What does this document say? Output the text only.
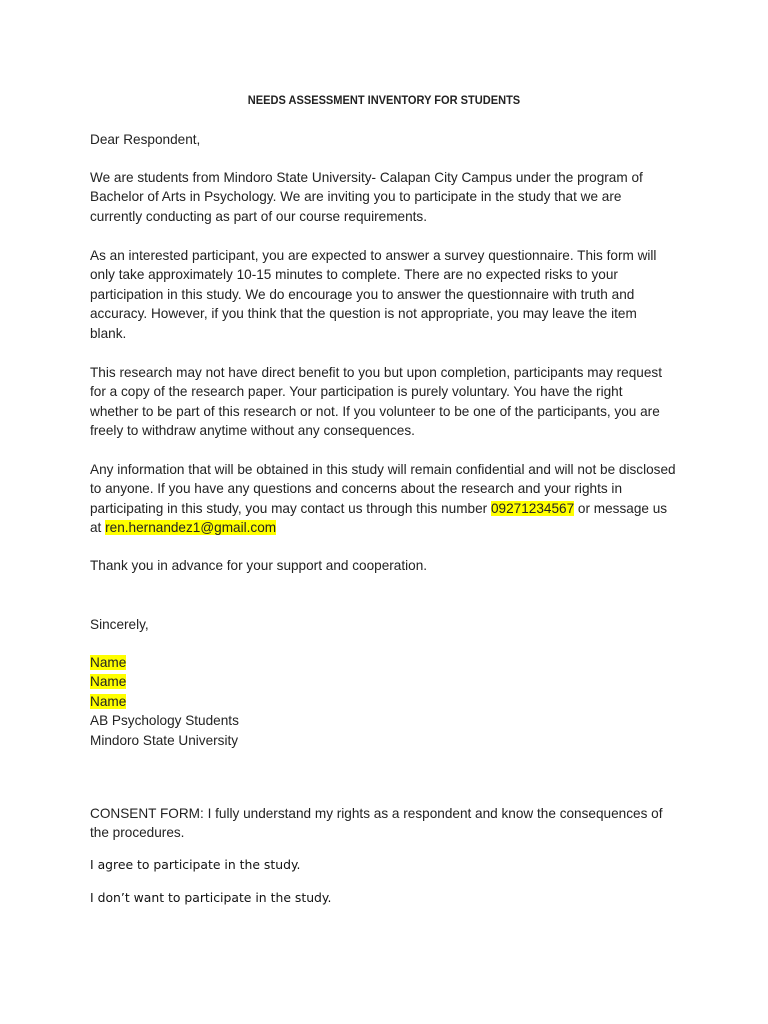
NEEDS ASSESSMENT INVENTORY FOR STUDENTS
Dear Respondent,
We are students from Mindoro State University- Calapan City Campus under the program of
Bachelor of Arts in Psychology. We are inviting you to participate in the study that we are
currently conducting as part of our course requirements.
As an interested participant, you are expected to answer a survey questionnaire. This form will
only take approximately 10-15 minutes to complete. There are no expected risks to your
participation in this study. We do encourage you to answer the questionnaire with truth and
accuracy. However, if you think that the question is not appropriate, you may leave the item
blank.
This research may not have direct benefit to you but upon completion, participants may request
for a copy of the research paper. Your participation is purely voluntary. You have the right
whether to be part of this research or not. If you volunteer to be one of the participants, you are
freely to withdraw anytime without any consequences.
Any information that will be obtained in this study will remain confidential and will not be disclosed
to anyone. If you have any questions and concerns about the research and your rights in
participating in this study, you may contact us through this number 09271234567 or message us
at ren.hernandez1@gmail.com
Thank you in advance for your support and cooperation.
Sincerely,
Name
Name
Name
AB Psychology Students
Mindoro State University
CONSENT FORM: I fully understand my rights as a respondent and know the consequences of
the procedures.
I agree to participate in the study.
I don’t want to participate in the study.
